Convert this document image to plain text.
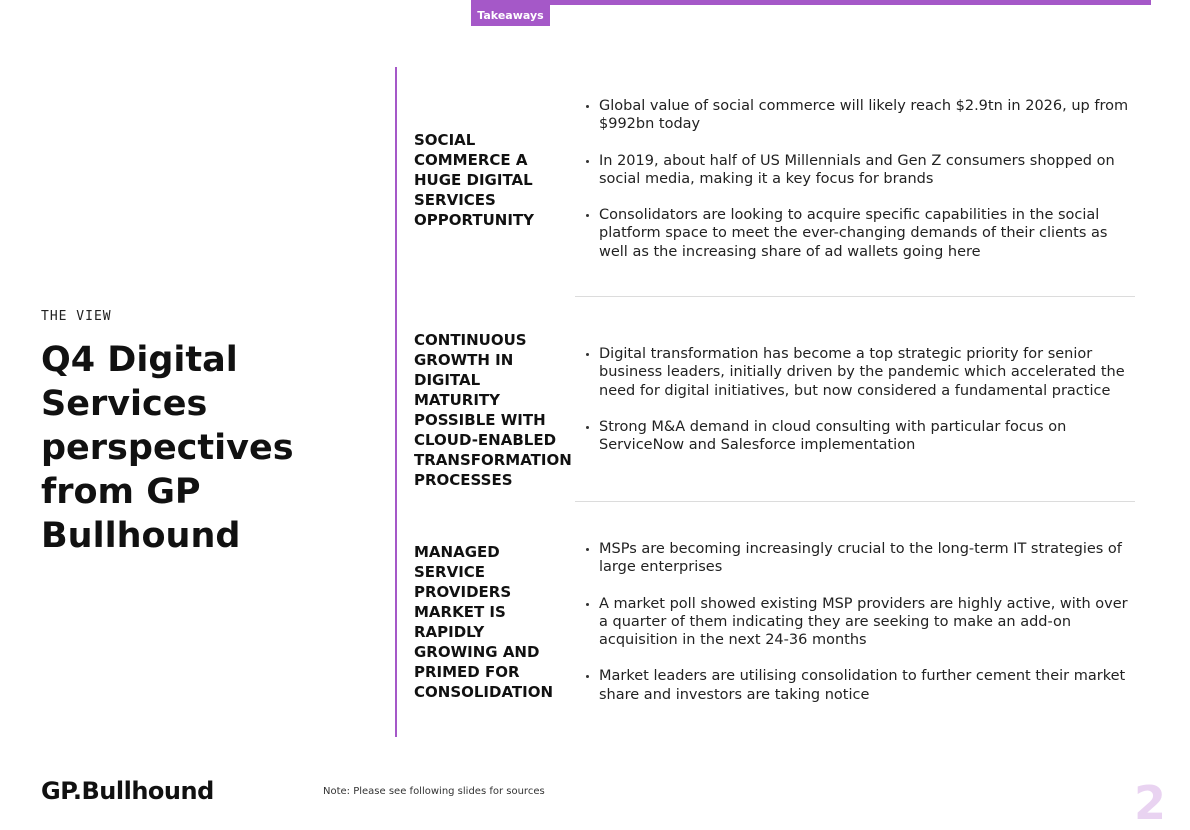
Takeaways
THE VIEW
Q4 Digital Services perspectives from GP Bullhound
SOCIAL COMMERCE A HUGE DIGITAL SERVICES OPPORTUNITY
Global value of social commerce will likely reach $2.9tn in 2026, up from $992bn today
In 2019, about half of US Millennials and Gen Z consumers shopped on social media, making it a key focus for brands
Consolidators are looking to acquire specific capabilities in the social platform space to meet the ever-changing demands of their clients as well as the increasing share of ad wallets going here
CONTINUOUS GROWTH IN DIGITAL MATURITY POSSIBLE WITH CLOUD-ENABLED TRANSFORMATION PROCESSES
Digital transformation has become a top strategic priority for senior business leaders, initially driven by the pandemic which accelerated the need for digital initiatives, but now considered a fundamental practice
Strong M&A demand in cloud consulting with particular focus on ServiceNow and Salesforce implementation
MANAGED SERVICE PROVIDERS MARKET IS RAPIDLY GROWING AND PRIMED FOR CONSOLIDATION
MSPs are becoming increasingly crucial to the long-term IT strategies of large enterprises
A market poll showed existing MSP providers are highly active, with over a quarter of them indicating they are seeking to make an add-on acquisition in the next 24-36 months
Market leaders are utilising consolidation to further cement their market share and investors are taking notice
GP.Bullhound	Note: Please see following slides for sources	2
